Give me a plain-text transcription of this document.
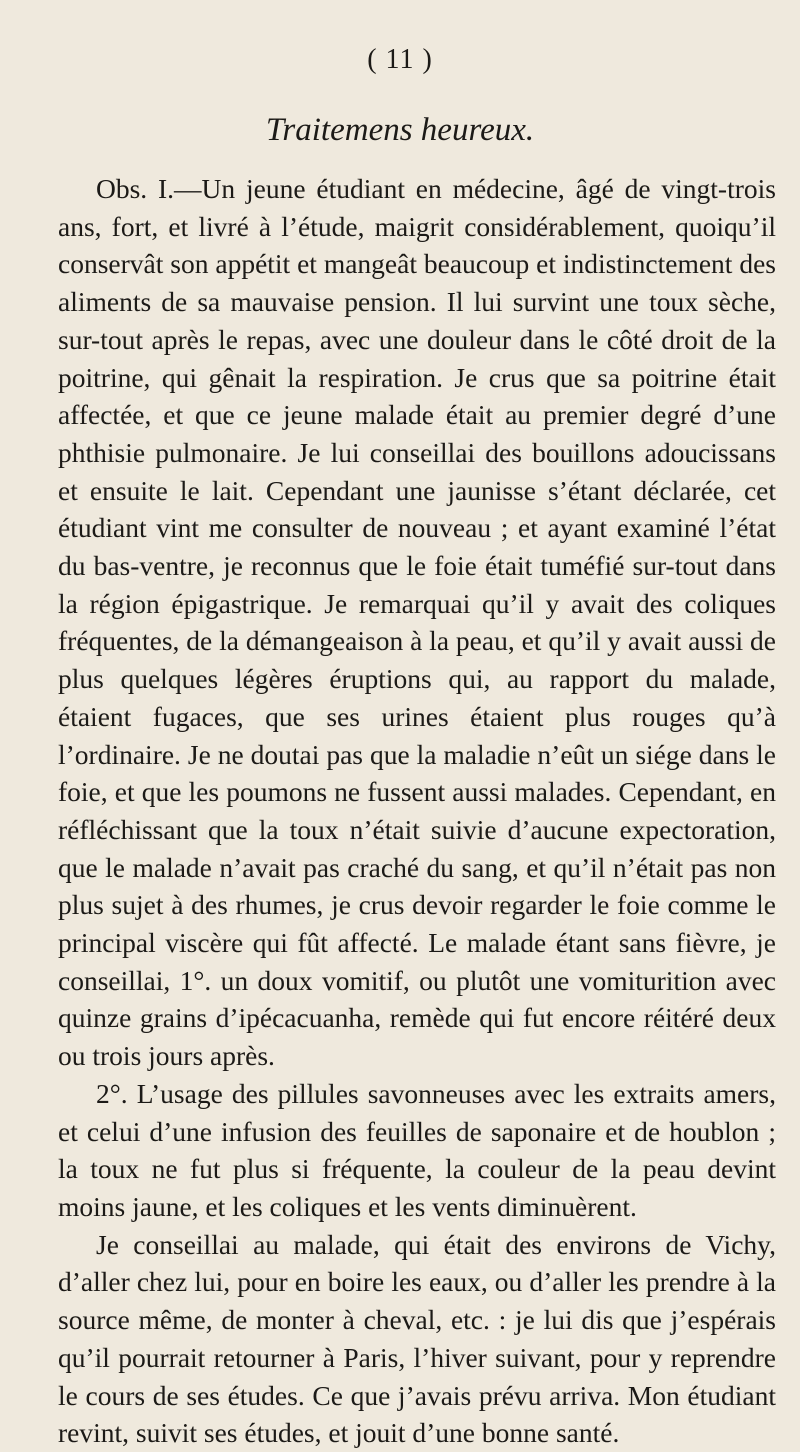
( 11 )
Traitemens heureux.

Obs. I.—Un jeune étudiant en médecine, âgé de vingt-trois ans, fort, et livré à l’étude, maigrit considérablement, quoiqu’il conservât son appétit et mangeât beaucoup et indistinctement des aliments de sa mauvaise pension. Il lui survint une toux sèche, sur-tout après le repas, avec une douleur dans le côté droit de la poitrine, qui gênait la respiration. Je crus que sa poitrine était affectée, et que ce jeune malade était au premier degré d’une phthisie pulmonaire. Je lui conseillai des bouillons adoucissans et ensuite le lait. Cependant une jaunisse s’étant déclarée, cet étudiant vint me consulter de nouveau ; et ayant examiné l’état du bas-ventre, je reconnus que le foie était tuméfié sur-tout dans la région épigastrique. Je remarquai qu’il y avait des coliques fréquentes, de la démangeaison à la peau, et qu’il y avait aussi de plus quelques légères éruptions qui, au rapport du malade, étaient fugaces, que ses urines étaient plus rouges qu’à l’ordinaire. Je ne doutai pas que la maladie n’eût un siége dans le foie, et que les poumons ne fussent aussi malades. Cependant, en réfléchissant que la toux n’était suivie d’aucune expectoration, que le malade n’avait pas craché du sang, et qu’il n’était pas non plus sujet à des rhumes, je crus devoir regarder le foie comme le principal viscère qui fût affecté. Le malade étant sans fièvre, je conseillai, 1°. un doux vomitif, ou plutôt une vomiturition avec quinze grains d’ipécacuanha, remède qui fut encore réitéré deux ou trois jours après.

2°. L’usage des pillules savonneuses avec les extraits amers, et celui d’une infusion des feuilles de saponaire et de houblon ; la toux ne fut plus si fréquente, la couleur de la peau devint moins jaune, et les coliques et les vents diminuèrent.

Je conseillai au malade, qui était des environs de Vichy, d’aller chez lui, pour en boire les eaux, ou d’aller les prendre à la source même, de monter à cheval, etc. : je lui dis que j’espérais qu’il pourrait retourner à Paris, l’hiver suivant, pour y reprendre le cours de ses études. Ce que j’avais prévu arriva. Mon étudiant revint, suivit ses études, et jouit d’une bonne santé.
